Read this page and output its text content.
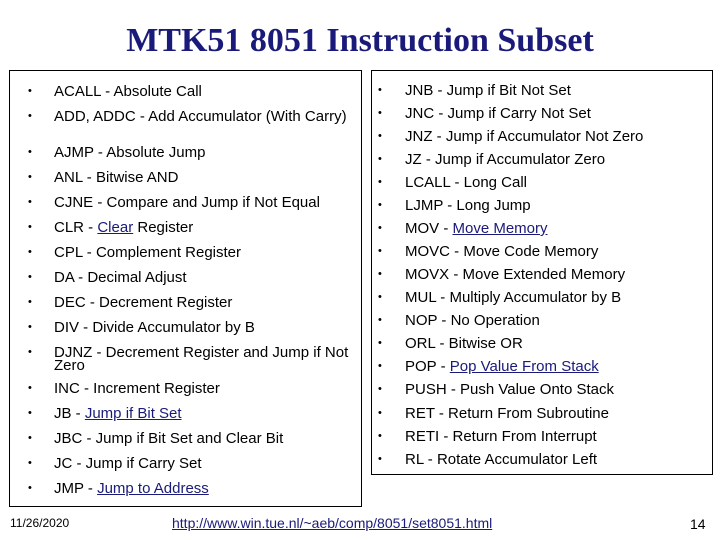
MTK51 8051 Instruction Subset
• ACALL - Absolute Call
• ADD, ADDC - Add Accumulator (With Carry)
• AJMP - Absolute Jump
• ANL - Bitwise AND
• CJNE - Compare and Jump if Not Equal
• CLR - Clear Register
• CPL - Complement Register
• DA - Decimal Adjust
• DEC - Decrement Register
• DIV - Divide Accumulator by B
• DJNZ - Decrement Register and Jump if Not Zero
• INC - Increment Register
• JB - Jump if Bit Set
• JBC - Jump if Bit Set and Clear Bit
• JC - Jump if Carry Set
• JMP - Jump to Address
• JNB - Jump if Bit Not Set
• JNC - Jump if Carry Not Set
• JNZ - Jump if Accumulator Not Zero
• JZ - Jump if Accumulator Zero
• LCALL - Long Call
• LJMP - Long Jump
• MOV - Move Memory
• MOVC - Move Code Memory
• MOVX - Move Extended Memory
• MUL - Multiply Accumulator by B
• NOP - No Operation
• ORL - Bitwise OR
• POP - Pop Value From Stack
• PUSH - Push Value Onto Stack
• RET - Return From Subroutine
• RETI - Return From Interrupt
• RL - Rotate Accumulator Left
11/26/2020	http://www.win.tue.nl/~aeb/comp/8051/set8051.html	14
